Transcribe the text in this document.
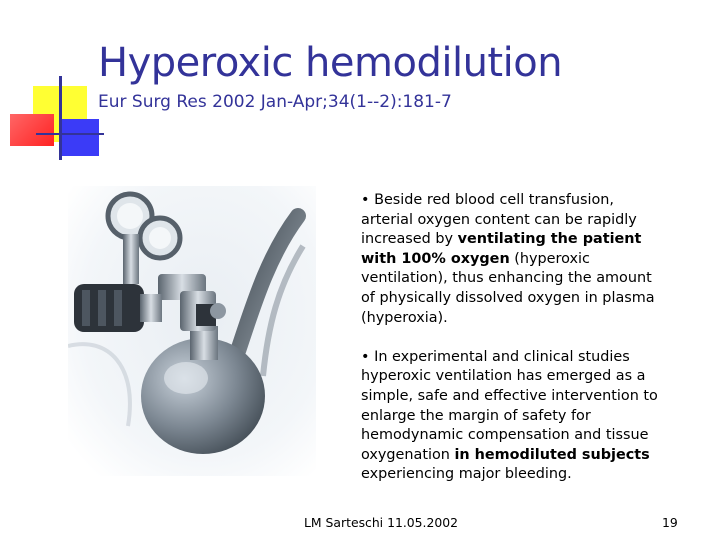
Hyperoxic hemodilution
Eur Surg Res 2002 Jan-Apr;34(1--2):181-7

• Beside red blood cell transfusion, arterial oxygen content can be rapidly increased by ventilating the patient with 100% oxygen (hyperoxic ventilation), thus enhancing the amount of physically dissolved oxygen in plasma (hyperoxia).

• In experimental and clinical studies hyperoxic ventilation has emerged as a simple, safe and effective intervention to enlarge the margin of safety for hemodynamic compensation and tissue oxygenation in hemodiluted subjects experiencing major bleeding.

LM Sarteschi 11.05.2002	19
